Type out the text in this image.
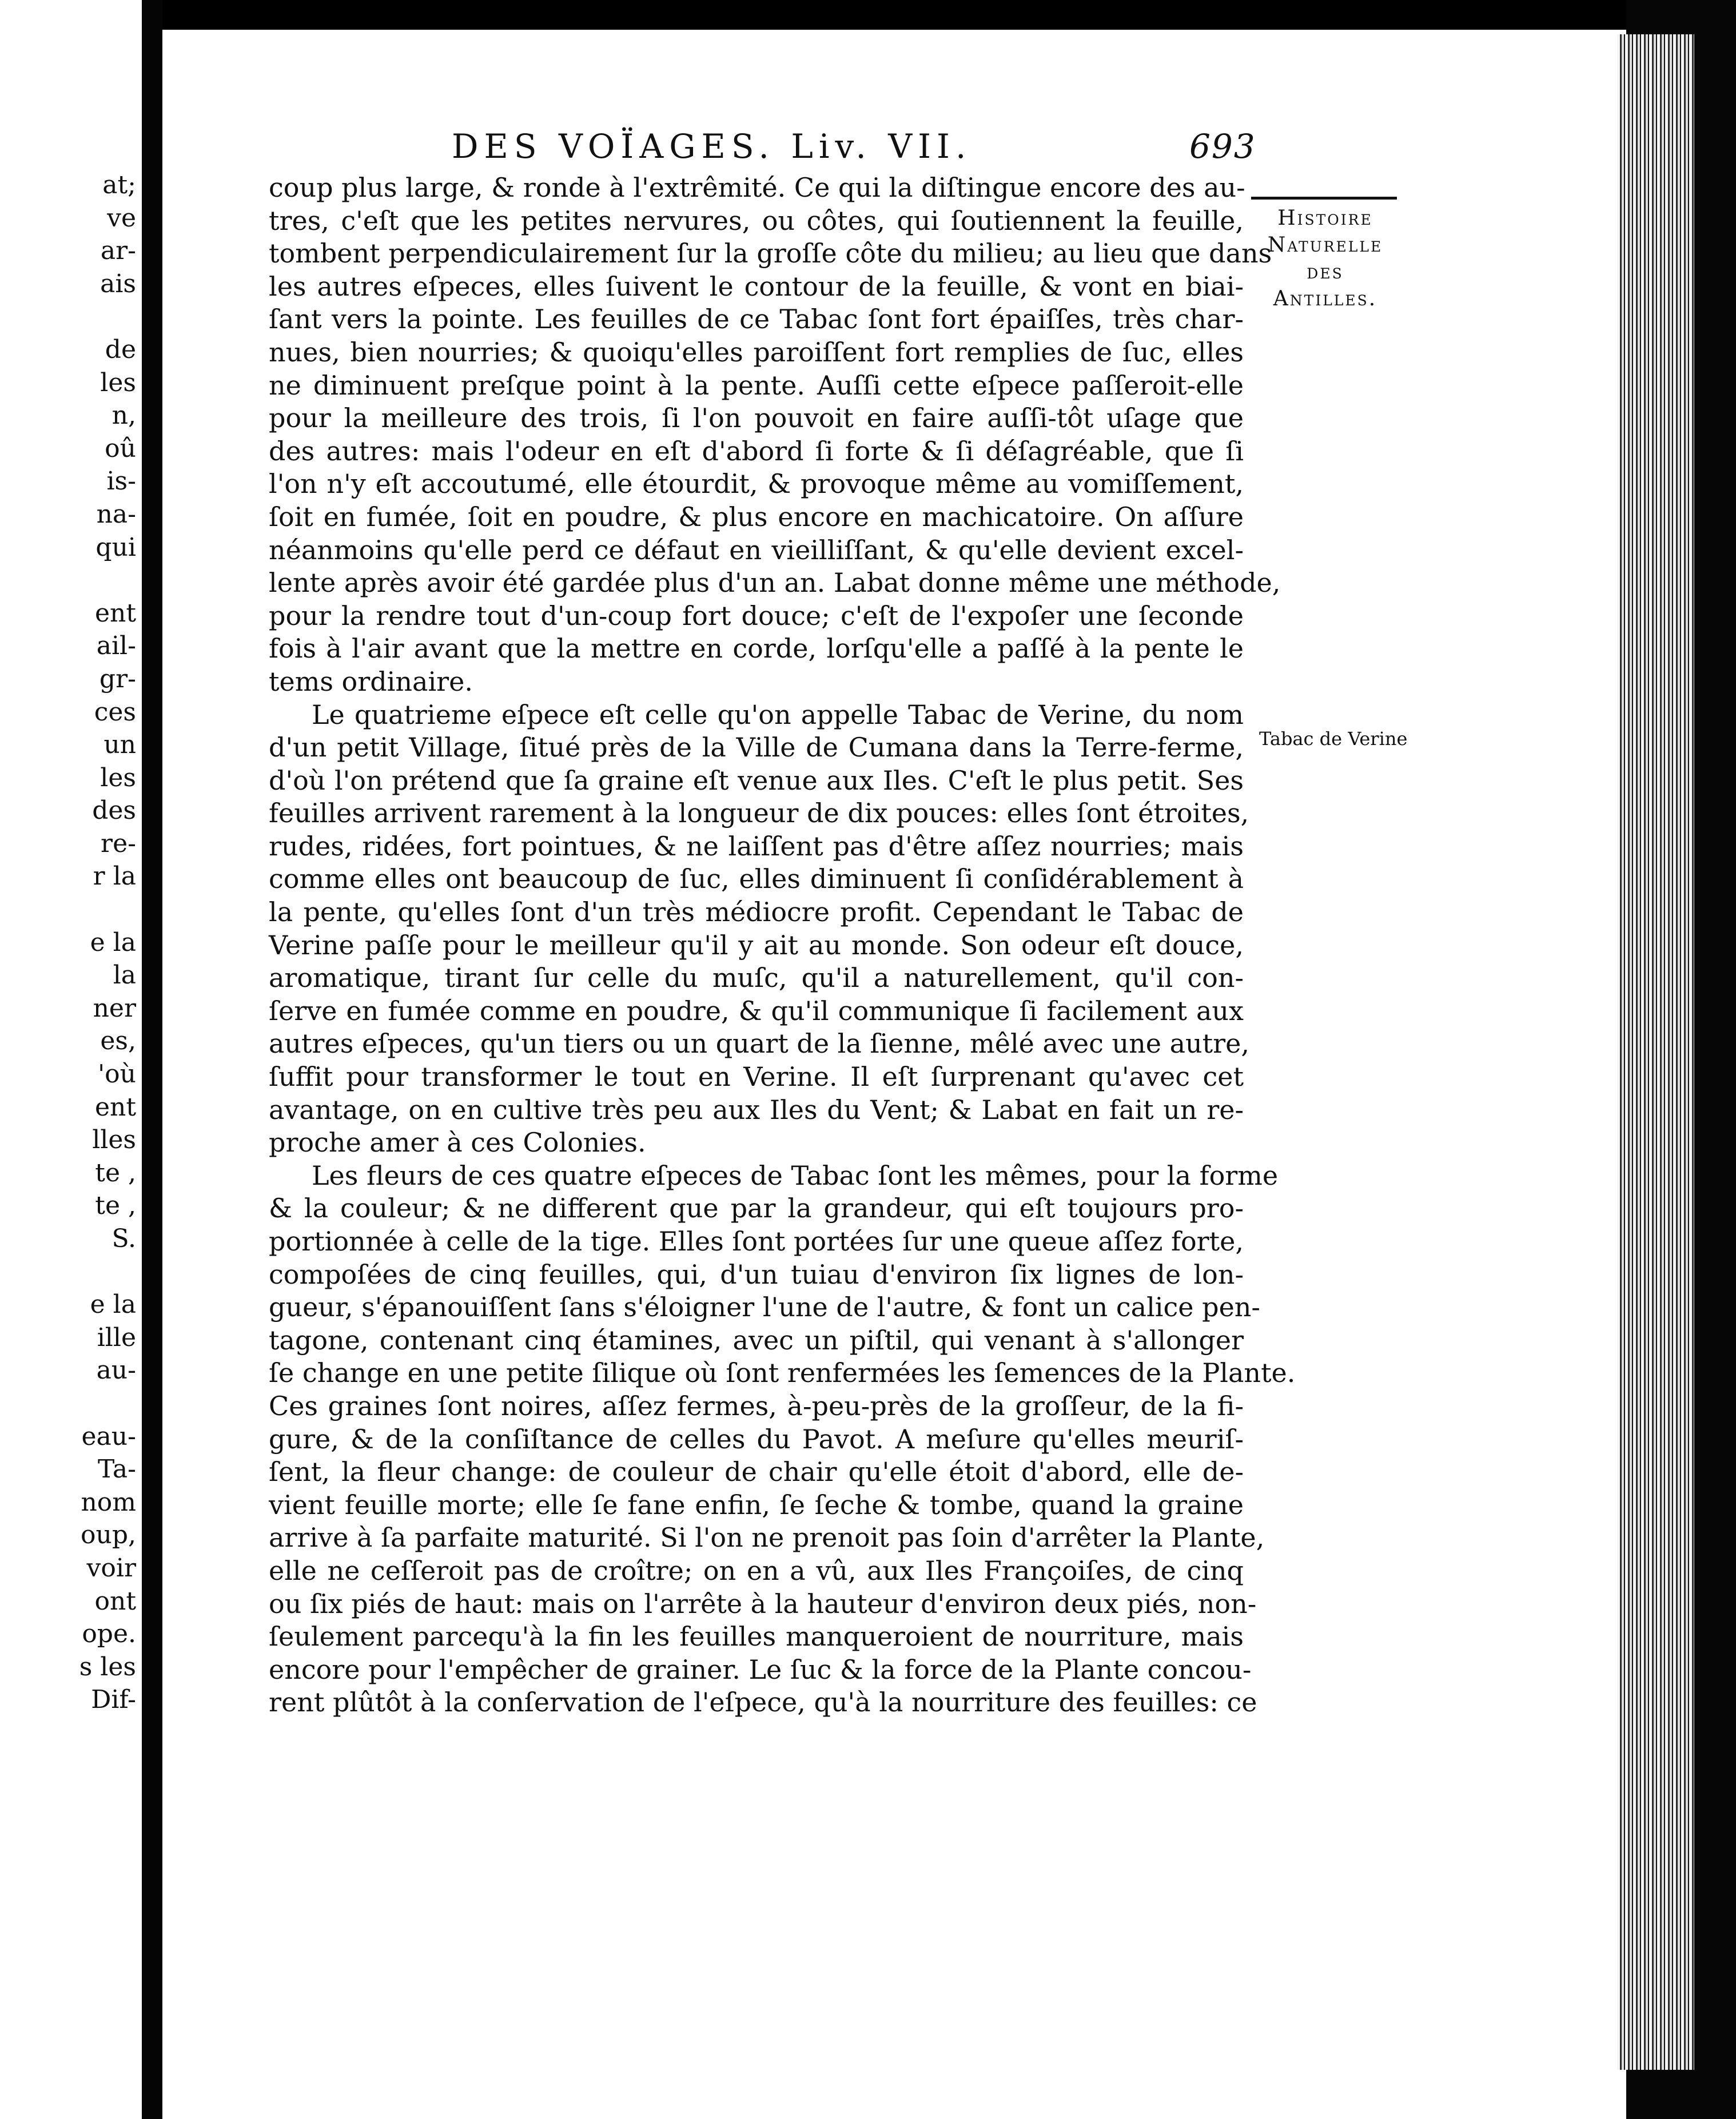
at;
ve
ar-
ais
de
les
n,
oû
is-
na-
qui
ent
ail-
gr-
ces
un
les
des
re-
r la
e la
la
ner
es,
'où
ent
lles
te ,
te ,
S.
e la
ille
au-
eau-
Ta-
nom
oup,
voir
ont
ope.
s les
Dif-
DES VOÏAGES. Liv. VII.	693
Histoire
Naturelle
des
Antilles.
Tabac de Verine
coup plus large, & ronde à l'extrêmité. Ce qui la diſtingue encore des au-
tres, c'eſt que les petites nervures, ou côtes, qui ſoutiennent la feuille,
tombent perpendiculairement ſur la groſſe côte du milieu; au lieu que dans
les autres eſpeces, elles ſuivent le contour de la feuille, & vont en biai-
ſant vers la pointe. Les feuilles de ce Tabac ſont fort épaiſſes, très char-
nues, bien nourries; & quoiqu'elles paroiſſent fort remplies de ſuc, elles
ne diminuent preſque point à la pente. Auſſi cette eſpece paſſeroit-elle
pour la meilleure des trois, ſi l'on pouvoit en faire auſſi-tôt uſage que
des autres: mais l'odeur en eſt d'abord ſi forte & ſi déſagréable, que ſi
l'on n'y eſt accoutumé, elle étourdit, & provoque même au vomiſſement,
ſoit en fumée, ſoit en poudre, & plus encore en machicatoire. On aſſure
néanmoins qu'elle perd ce défaut en vieilliſſant, & qu'elle devient excel-
lente après avoir été gardée plus d'un an. Labat donne même une méthode,
pour la rendre tout d'un-coup fort douce; c'eſt de l'expoſer une ſeconde
fois à l'air avant que la mettre en corde, lorſqu'elle a paſſé à la pente le
tems ordinaire.
Le quatrieme eſpece eſt celle qu'on appelle Tabac de Verine, du nom
d'un petit Village, ſitué près de la Ville de Cumana dans la Terre-ferme,
d'où l'on prétend que ſa graine eſt venue aux Iles. C'eſt le plus petit. Ses
feuilles arrivent rarement à la longueur de dix pouces: elles ſont étroites,
rudes, ridées, fort pointues, & ne laiſſent pas d'être aſſez nourries; mais
comme elles ont beaucoup de ſuc, elles diminuent ſi conſidérablement à
la pente, qu'elles ſont d'un très médiocre profit. Cependant le Tabac de
Verine paſſe pour le meilleur qu'il y ait au monde. Son odeur eſt douce,
aromatique, tirant ſur celle du muſc, qu'il a naturellement, qu'il con-
ſerve en fumée comme en poudre, & qu'il communique ſi facilement aux
autres eſpeces, qu'un tiers ou un quart de la ſienne, mêlé avec une autre,
ſuffit pour transformer le tout en Verine. Il eſt ſurprenant qu'avec cet
avantage, on en cultive très peu aux Iles du Vent; & Labat en fait un re-
proche amer à ces Colonies.
Les fleurs de ces quatre eſpeces de Tabac ſont les mêmes, pour la forme
& la couleur; & ne different que par la grandeur, qui eſt toujours pro-
portionnée à celle de la tige. Elles ſont portées ſur une queue aſſez forte,
compoſées de cinq feuilles, qui, d'un tuiau d'environ ſix lignes de lon-
gueur, s'épanouiſſent ſans s'éloigner l'une de l'autre, & font un calice pen-
tagone, contenant cinq étamines, avec un piſtil, qui venant à s'allonger
ſe change en une petite ſilique où ſont renfermées les ſemences de la Plante.
Ces graines ſont noires, aſſez fermes, à-peu-près de la groſſeur, de la fi-
gure, & de la conſiſtance de celles du Pavot. A meſure qu'elles meuriſ-
ſent, la fleur change: de couleur de chair qu'elle étoit d'abord, elle de-
vient feuille morte; elle ſe fane enfin, ſe ſeche & tombe, quand la graine
arrive à ſa parfaite maturité. Si l'on ne prenoit pas ſoin d'arrêter la Plante,
elle ne ceſſeroit pas de croître; on en a vû, aux Iles Françoiſes, de cinq
ou ſix piés de haut: mais on l'arrête à la hauteur d'environ deux piés, non-
ſeulement parcequ'à la fin les feuilles manqueroient de nourriture, mais
encore pour l'empêcher de grainer. Le ſuc & la force de la Plante concou-
rent plûtôt à la conſervation de l'eſpece, qu'à la nourriture des feuilles: ce
